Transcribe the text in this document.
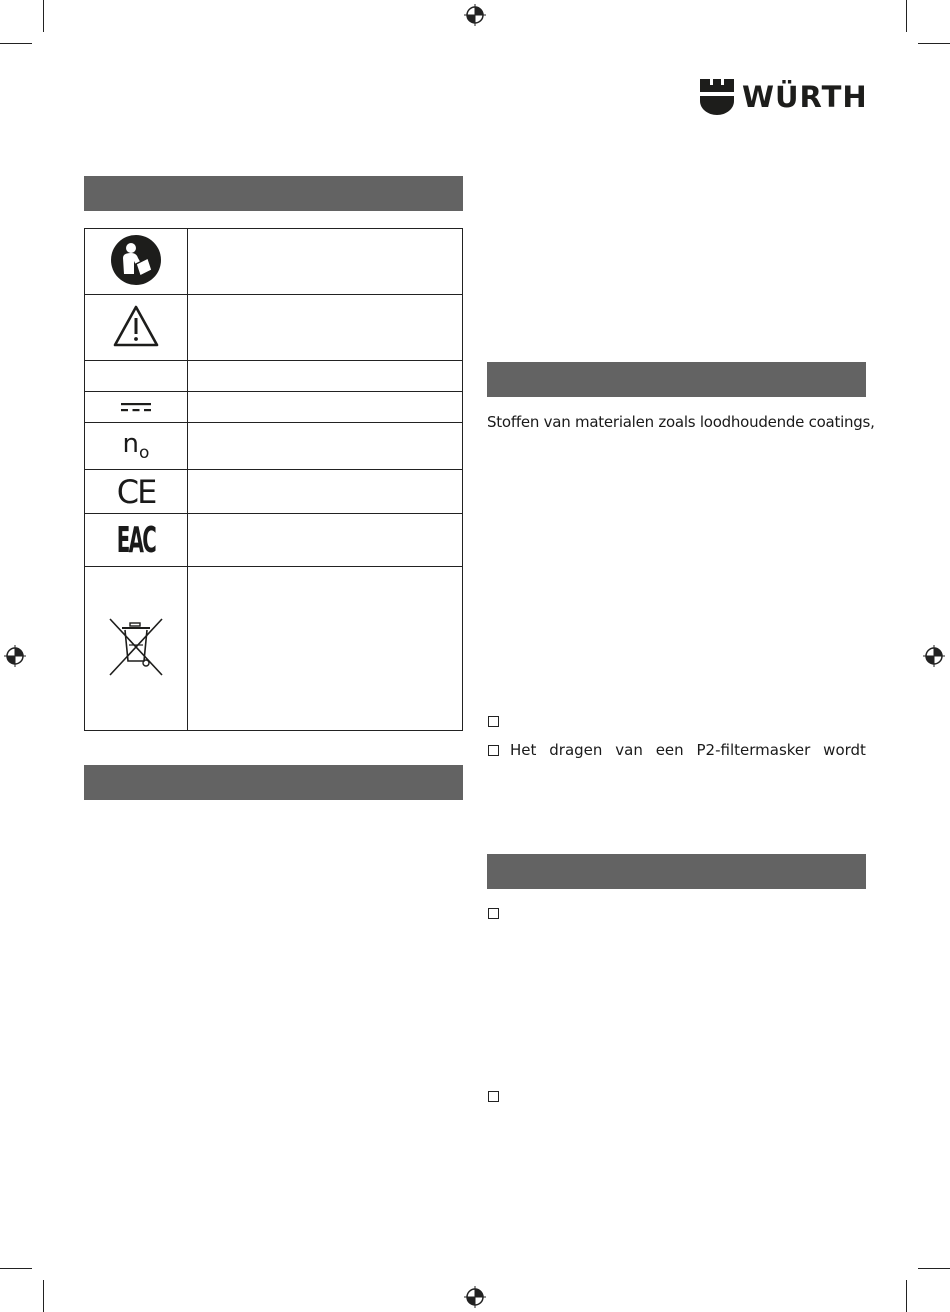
WÜRTH

$n_o$	
CE	
EAC	

Stoffen van materialen zoals loodhoudende coatings,
Het dragen van een P2-filtermasker wordt
